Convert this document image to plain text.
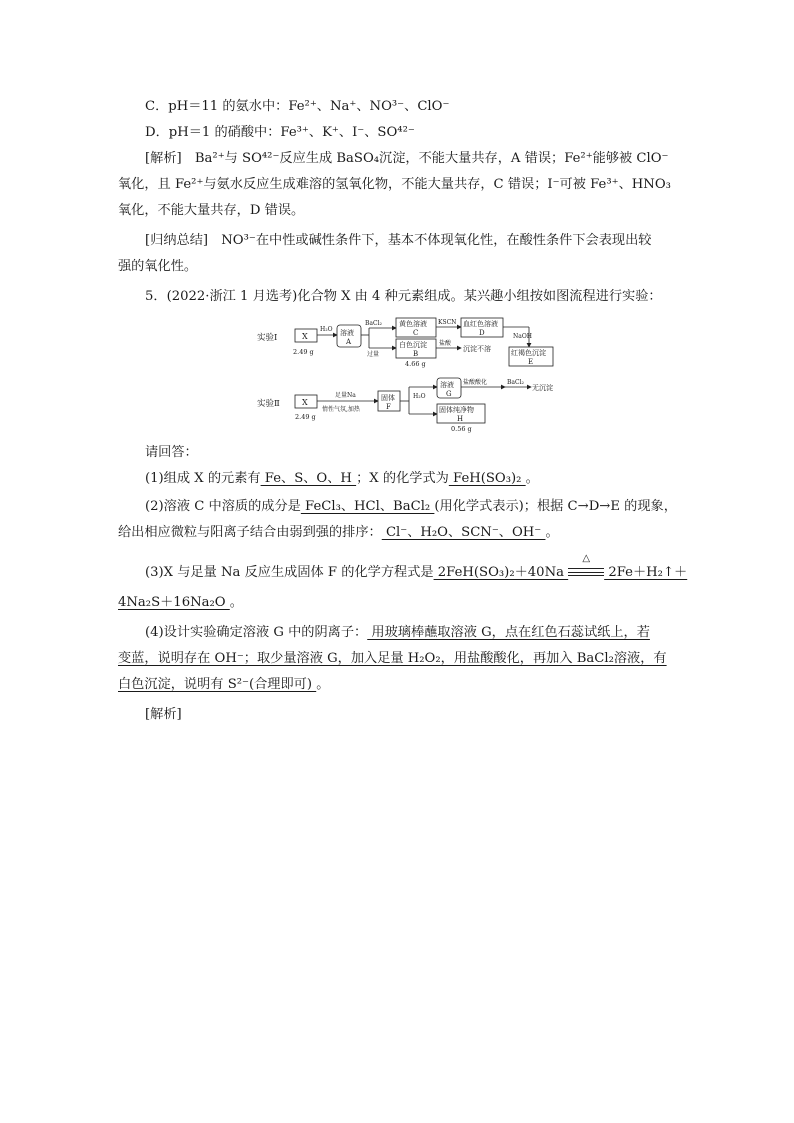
C．pH＝11 的氨水中：Fe²⁺、Na⁺、NO³⁻、ClO⁻
D．pH＝1 的硝酸中：Fe³⁺、K⁺、I⁻、SO⁴²⁻
[解析]　Ba²⁺与 SO⁴²⁻反应生成 BaSO₄沉淀，不能大量共存，A 错误；Fe²⁺能够被 ClO⁻
氧化，且 Fe²⁺与氨水反应生成难溶的氢氧化物，不能大量共存，C 错误；I⁻可被 Fe³⁺、HNO₃
氧化，不能大量共存，D 错误。
[归纳总结]　NO³⁻在中性或碱性条件下，基本不体现氧化性，在酸性条件下会表现出较
强的氧化性。
5．(2022·浙江 1 月选考)化合物 X 由 4 种元素组成。某兴趣小组按如图流程进行实验：
实验Ⅰ	X
2.49 g
H₂O 溶液
A
BaCl₂
过量
黄色溶液
C
KSCN 血红色溶液
D	NaOH
红褐色沉淀
E
白色沉淀
B
4.66 g
盐酸
沉淀不溶
实验Ⅱ	X
2.49 g
足量Na
惰性气氛,加热
固体
F
H₂O
溶液
G
盐酸酸化	BaCl₂
无沉淀
固体纯净物
H
0.56 g
请回答：
(1)组成 X 的元素有 Fe、S、O、H ；X 的化学式为 FeH(SO₃)₂ 。
(2)溶液 C 中溶质的成分是 FeCl₃、HCl、BaCl₂ (用化学式表示)；根据 C→D→E 的现象，
给出相应微粒与阳离子结合由弱到强的排序： Cl⁻、H₂O、SCN⁻、OH⁻ 。
(3)X 与足量 Na 反应生成固体 F 的化学方程式是 2FeH(SO₃)₂＋40Na
△
2Fe＋H₂↑＋
4Na₂S＋16Na₂O 。
(4)设计实验确定溶液 G 中的阴离子： 用玻璃棒蘸取溶液 G，点在红色石蕊试纸上，若
变蓝，说明存在 OH⁻；取少量溶液 G，加入足量 H₂O₂，用盐酸酸化，再加入 BaCl₂溶液，有
白色沉淀，说明有 S²⁻(合理即可) 。
[解析]
